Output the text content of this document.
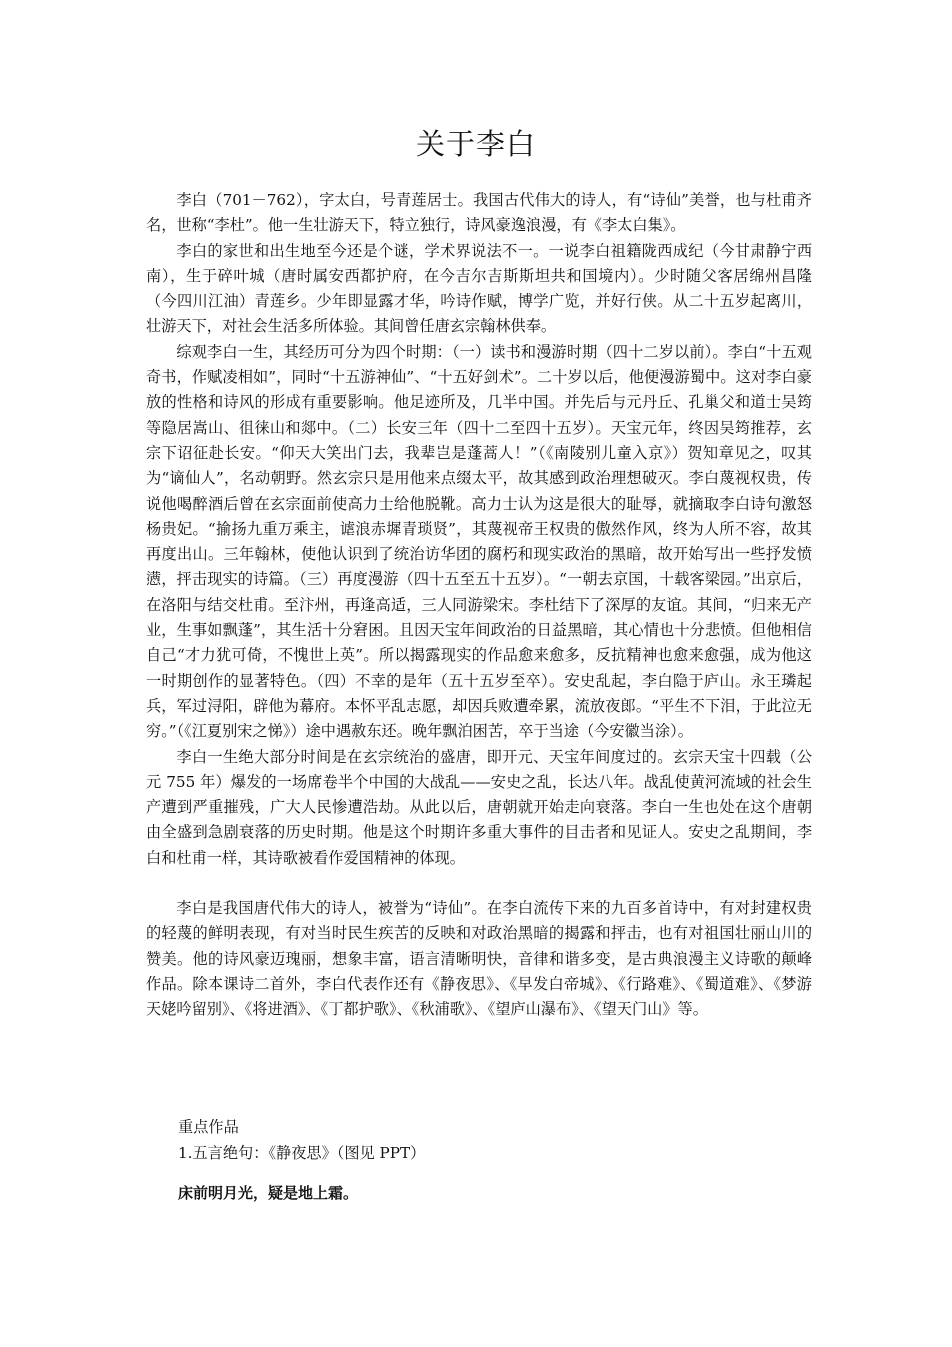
关于李白

李白（701－762），字太白，号青莲居士。我国古代伟大的诗人，有“诗仙”美誉，也与杜甫齐名，世称“李杜”。他一生壮游天下，特立独行，诗风豪逸浪漫，有《李太白集》。

李白的家世和出生地至今还是个谜，学术界说法不一。一说李白祖籍陇西成纪（今甘肃静宁西南），生于碎叶城（唐时属安西都护府，在今吉尔吉斯斯坦共和国境内）。少时随父客居绵州昌隆（今四川江油）青莲乡。少年即显露才华，吟诗作赋，博学广览，并好行侠。从二十五岁起离川，壮游天下，对社会生活多所体验。其间曾任唐玄宗翰林供奉。

综观李白一生，其经历可分为四个时期：（一）读书和漫游时期（四十二岁以前）。李白“十五观奇书，作赋凌相如”，同时“十五游神仙”、“十五好剑术”。二十岁以后，他便漫游蜀中。这对李白豪放的性格和诗风的形成有重要影响。他足迹所及，几半中国。并先后与元丹丘、孔巢父和道士吴筠等隐居嵩山、徂徕山和郯中。（二）长安三年（四十二至四十五岁）。天宝元年，终因吴筠推荐，玄宗下诏征赴长安。“仰天大笑出门去，我辈岂是蓬蒿人！”（《南陵别儿童入京》）贺知章见之，叹其为“谪仙人”，名动朝野。然玄宗只是用他来点缀太平，故其感到政治理想破灭。李白蔑视权贵，传说他喝醉酒后曾在玄宗面前使高力士给他脱靴。高力士认为这是很大的耻辱，就摘取李白诗句激怒杨贵妃。“揄扬九重万乘主，谑浪赤墀青琐贤”，其蔑视帝王权贵的傲然作风，终为人所不容，故其再度出山。三年翰林，使他认识到了统治访华团的腐朽和现实政治的黑暗，故开始写出一些抒发愤懑，抨击现实的诗篇。（三）再度漫游（四十五至五十五岁）。“一朝去京国，十载客梁园。”出京后，在洛阳与结交杜甫。至汴州，再逢高适，三人同游梁宋。李杜结下了深厚的友谊。其间，“归来无产业，生事如飘蓬”，其生活十分窘困。且因天宝年间政治的日益黑暗，其心情也十分悲愤。但他相信自己“才力犹可倚，不愧世上英”。所以揭露现实的作品愈来愈多，反抗精神也愈来愈强，成为他这一时期创作的显著特色。（四）不幸的是年（五十五岁至卒）。安史乱起，李白隐于庐山。永王璘起兵，军过浔阳，辟他为幕府。本怀平乱志愿，却因兵败遭牵累，流放夜郎。“平生不下泪，于此泣无穷。”（《江夏别宋之悌》）途中遇赦东还。晚年飘泊困苦，卒于当途（今安徽当涂）。

李白一生绝大部分时间是在玄宗统治的盛唐，即开元、天宝年间度过的。玄宗天宝十四载（公元 755 年）爆发的一场席卷半个中国的大战乱——安史之乱，长达八年。战乱使黄河流域的社会生产遭到严重摧残，广大人民惨遭浩劫。从此以后，唐朝就开始走向衰落。李白一生也处在这个唐朝由全盛到急剧衰落的历史时期。他是这个时期许多重大事件的目击者和见证人。安史之乱期间，李白和杜甫一样，其诗歌被看作爱国精神的体现。

李白是我国唐代伟大的诗人，被誉为“诗仙”。在李白流传下来的九百多首诗中，有对封建权贵的轻蔑的鲜明表现，有对当时民生疾苦的反映和对政治黑暗的揭露和抨击，也有对祖国壮丽山川的赞美。他的诗风豪迈瑰丽，想象丰富，语言清晰明快，音律和谐多变，是古典浪漫主义诗歌的颠峰作品。除本课诗二首外，李白代表作还有《静夜思》、《早发白帝城》、《行路难》、《蜀道难》、《梦游天姥吟留别》、《将进酒》、《丁都护歌》、《秋浦歌》、《望庐山瀑布》、《望天门山》等。

重点作品
1.五言绝句：《静夜思》（图见 PPT）
床前明月光，疑是地上霜。
